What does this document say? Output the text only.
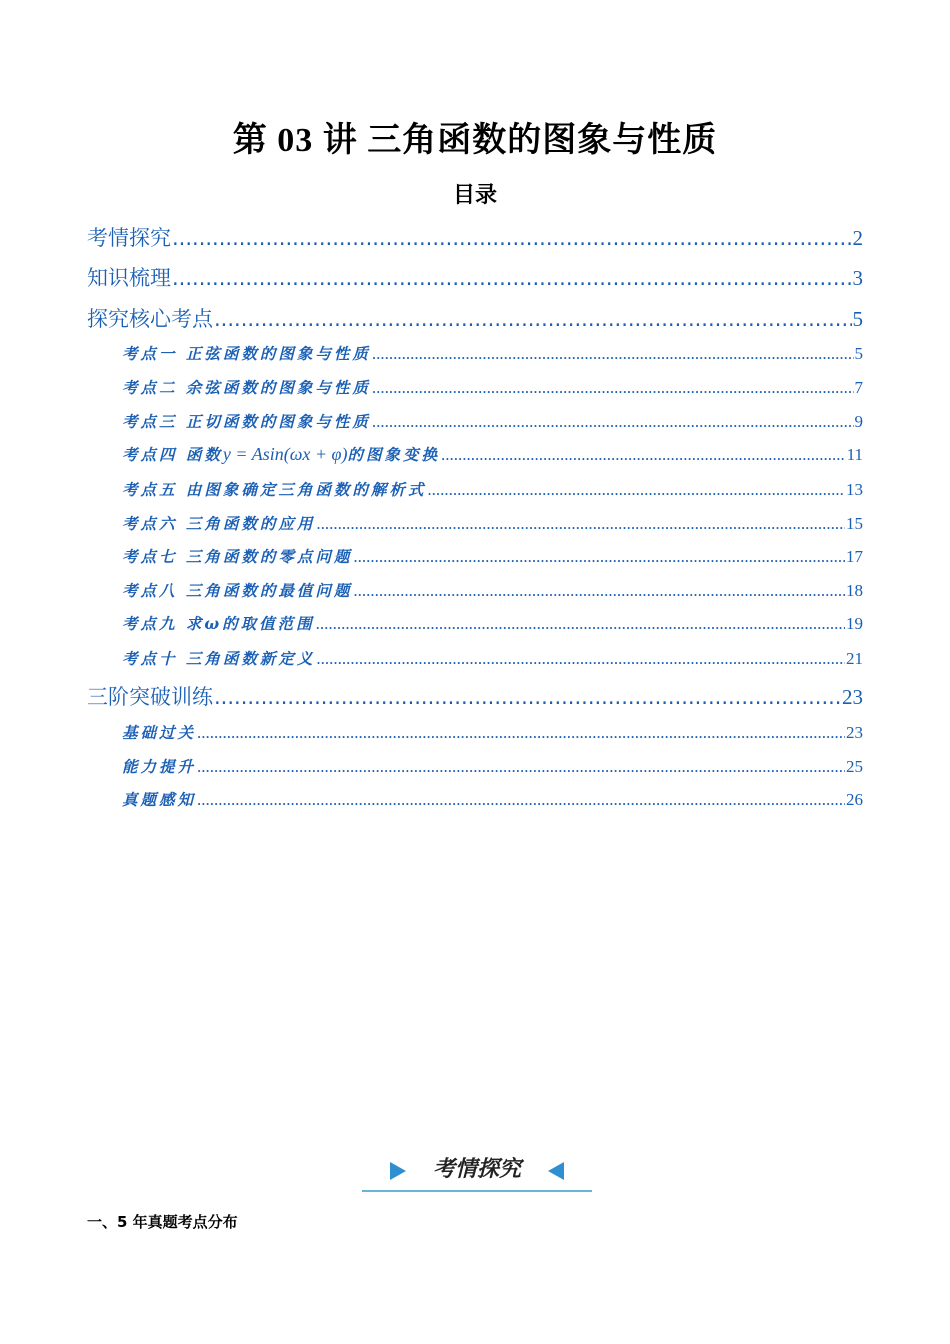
第 03 讲 三角函数的图象与性质
目录
考情探究 .....	2
知识梳理 .....	3
探究核心考点 .....	5
考点一 正弦函数的图象与性质 .....	5
考点二 余弦函数的图象与性质 .....	7
考点三 正切函数的图象与性质 .....	9
考点四 函数y = Asin(ωx + φ)的图象变换 .....	11
考点五 由图象确定三角函数的解析式 .....	13
考点六 三角函数的应用 .....	15
考点七 三角函数的零点问题 .....	17
考点八 三角函数的最值问题 .....	18
考点九 求ω的取值范围 .....	19
考点十 三角函数新定义 .....	21
三阶突破训练 .....	23
基础过关 .....	23
能力提升 .....	25
真题感知 .....	26
考情探究
一、5 年真题考点分布
